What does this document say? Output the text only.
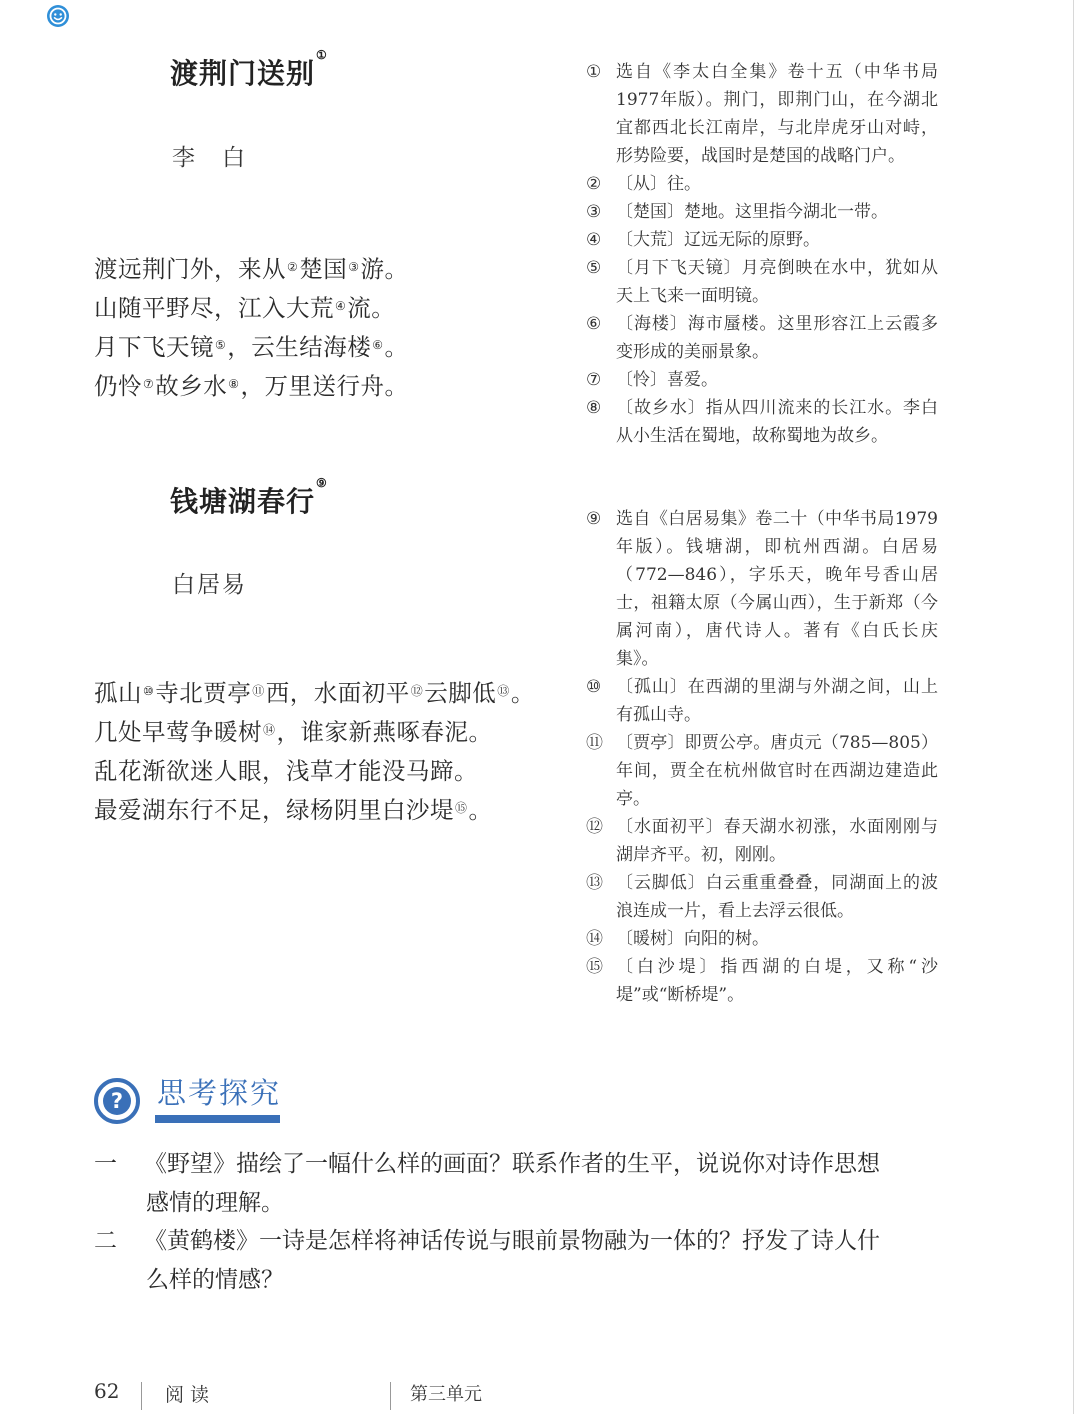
渡荆门送别①
李　白
渡远荆门外，来从②楚国③游。
山随平野尽，江入大荒④流。
月下飞天镜⑤，云生结海楼⑥。
仍怜⑦故乡水⑧，万里送行舟。
钱塘湖春行⑨
白居易
孤山⑩寺北贾亭⑪西，水面初平⑫云脚低⑬。
几处早莺争暖树⑭，谁家新燕啄春泥。
乱花渐欲迷人眼，浅草才能没马蹄。
最爱湖东行不足，绿杨阴里白沙堤⑮。
① 选自《李太白全集》卷十五（中华书局1977年版）。荆门，即荆门山，在今湖北宜都西北长江南岸，与北岸虎牙山对峙，形势险要，战国时是楚国的战略门户。
② 〔从〕往。
③ 〔楚国〕楚地。这里指今湖北一带。
④ 〔大荒〕辽远无际的原野。
⑤ 〔月下飞天镜〕月亮倒映在水中，犹如从天上飞来一面明镜。
⑥ 〔海楼〕海市蜃楼。这里形容江上云霞多变形成的美丽景象。
⑦ 〔怜〕喜爱。
⑧ 〔故乡水〕指从四川流来的长江水。李白从小生活在蜀地，故称蜀地为故乡。
⑨ 选自《白居易集》卷二十（中华书局1979年版）。钱塘湖，即杭州西湖。白居易（772—846），字乐天，晚年号香山居士，祖籍太原（今属山西），生于新郑（今属河南），唐代诗人。著有《白氏长庆集》。
⑩ 〔孤山〕在西湖的里湖与外湖之间，山上有孤山寺。
⑪ 〔贾亭〕即贾公亭。唐贞元（785—805）年间，贾全在杭州做官时在西湖边建造此亭。
⑫ 〔水面初平〕春天湖水初涨，水面刚刚与湖岸齐平。初，刚刚。
⑬ 〔云脚低〕白云重重叠叠，同湖面上的波浪连成一片，看上去浮云很低。
⑭ 〔暖树〕向阳的树。
⑮ 〔白沙堤〕指西湖的白堤，又称“沙堤”或“断桥堤”。
? 思考探究
一 《野望》描绘了一幅什么样的画面？联系作者的生平，说说你对诗作思想
感情的理解。
二 《黄鹤楼》一诗是怎样将神话传说与眼前景物融为一体的？抒发了诗人什
么样的情感？
62 阅读	第三单元
